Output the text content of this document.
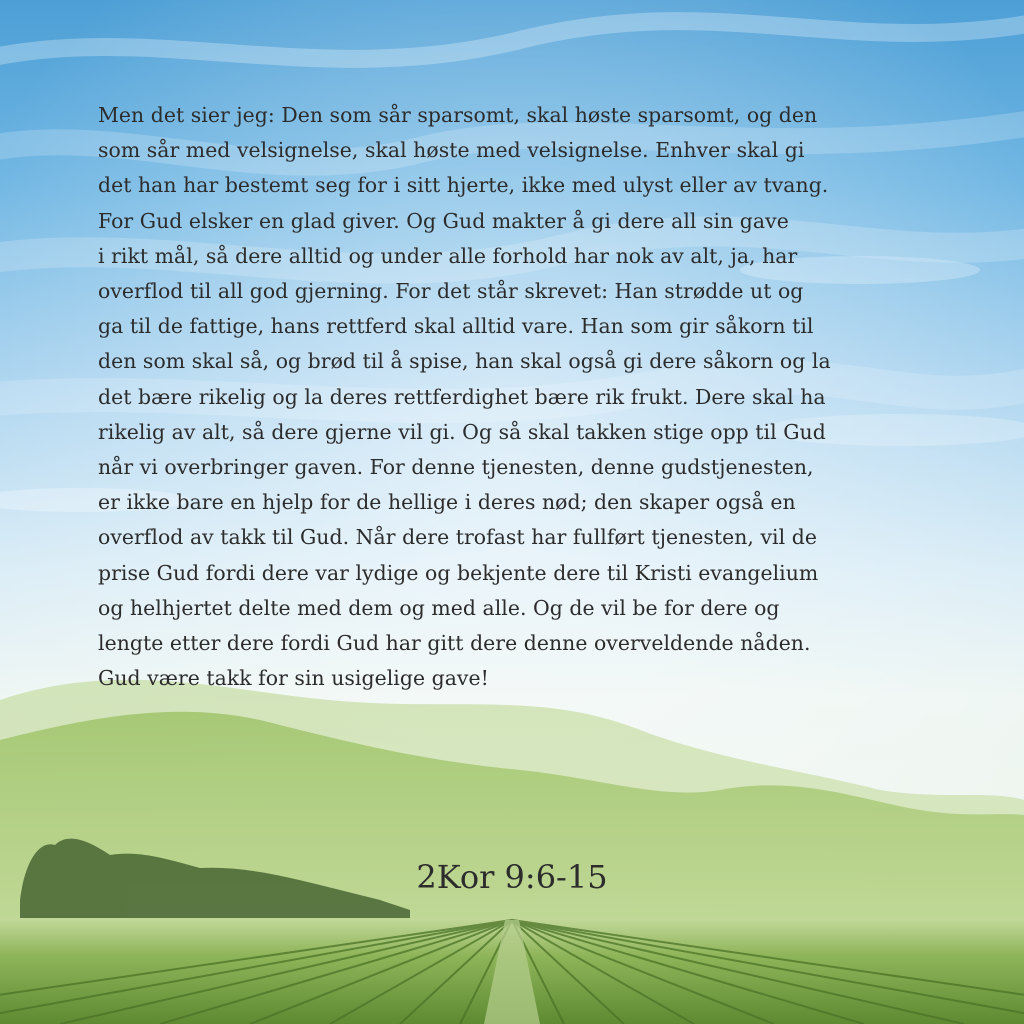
Men det sier jeg: Den som sår sparsomt, skal høste sparsomt, og den
som sår med velsignelse, skal høste med velsignelse. Enhver skal gi
det han har bestemt seg for i sitt hjerte, ikke med ulyst eller av tvang.
For Gud elsker en glad giver. Og Gud makter å gi dere all sin gave
i rikt mål, så dere alltid og under alle forhold har nok av alt, ja, har
overflod til all god gjerning. For det står skrevet: Han strødde ut og
ga til de fattige, hans rettferd skal alltid vare. Han som gir såkorn til
den som skal så, og brød til å spise, han skal også gi dere såkorn og la
det bære rikelig og la deres rettferdighet bære rik frukt. Dere skal ha
rikelig av alt, så dere gjerne vil gi. Og så skal takken stige opp til Gud
når vi overbringer gaven. For denne tjenesten, denne gudstjenesten,
er ikke bare en hjelp for de hellige i deres nød; den skaper også en
overflod av takk til Gud. Når dere trofast har fullført tjenesten, vil de
prise Gud fordi dere var lydige og bekjente dere til Kristi evangelium
og helhjertet delte med dem og med alle. Og de vil be for dere og
lengte etter dere fordi Gud har gitt dere denne overveldende nåden.
Gud være takk for sin usigelige gave!

2Kor 9:6-15
